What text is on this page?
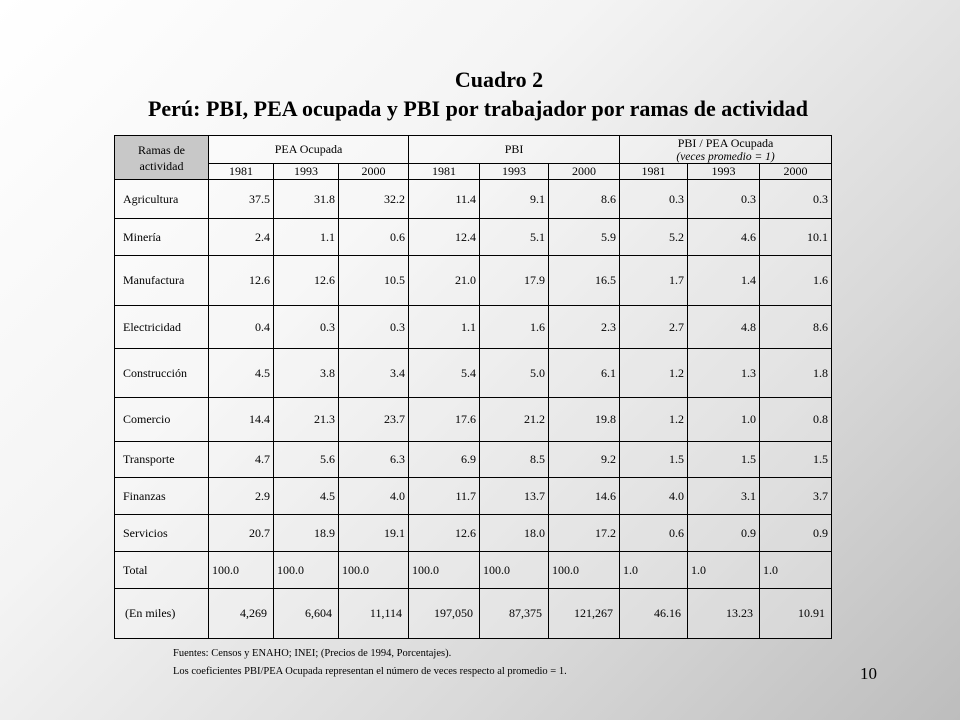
Cuadro 2
Perú: PBI, PEA ocupada y PBI por trabajador por ramas de actividad
Ramas de actividad	PEA Ocupada			PBI			PBI / PEA Ocupada
(veces promedio = 1)		

	1981	1993	2000	1981	1993	2000	1981	1993	2000
Agricultura	37.5	31.8	32.2	11.4	9.1	8.6	0.3	0.3	0.3
Minería	2.4	1.1	0.6	12.4	5.1	5.9	5.2	4.6	10.1
Manufactura	12.6	12.6	10.5	21.0	17.9	16.5	1.7	1.4	1.6
Electricidad	0.4	0.3	0.3	1.1	1.6	2.3	2.7	4.8	8.6
Construcción	4.5	3.8	3.4	5.4	5.0	6.1	1.2	1.3	1.8
Comercio	14.4	21.3	23.7	17.6	21.2	19.8	1.2	1.0	0.8
Transporte	4.7	5.6	6.3	6.9	8.5	9.2	1.5	1.5	1.5
Finanzas	2.9	4.5	4.0	11.7	13.7	14.6	4.0	3.1	3.7
Servicios	20.7	18.9	19.1	12.6	18.0	17.2	0.6	0.9	0.9
Total	100.0	100.0	100.0	100.0	100.0	100.0	1.0	1.0	1.0
(En miles)	4,269	6,604	11,114	197,050	87,375	121,267	46.16	13.23	10.91
Fuentes: Censos y ENAHO; INEI; (Precios de 1994, Porcentajes).
Los coeficientes PBI/PEA Ocupada representan el número de veces respecto al promedio = 1.	10
